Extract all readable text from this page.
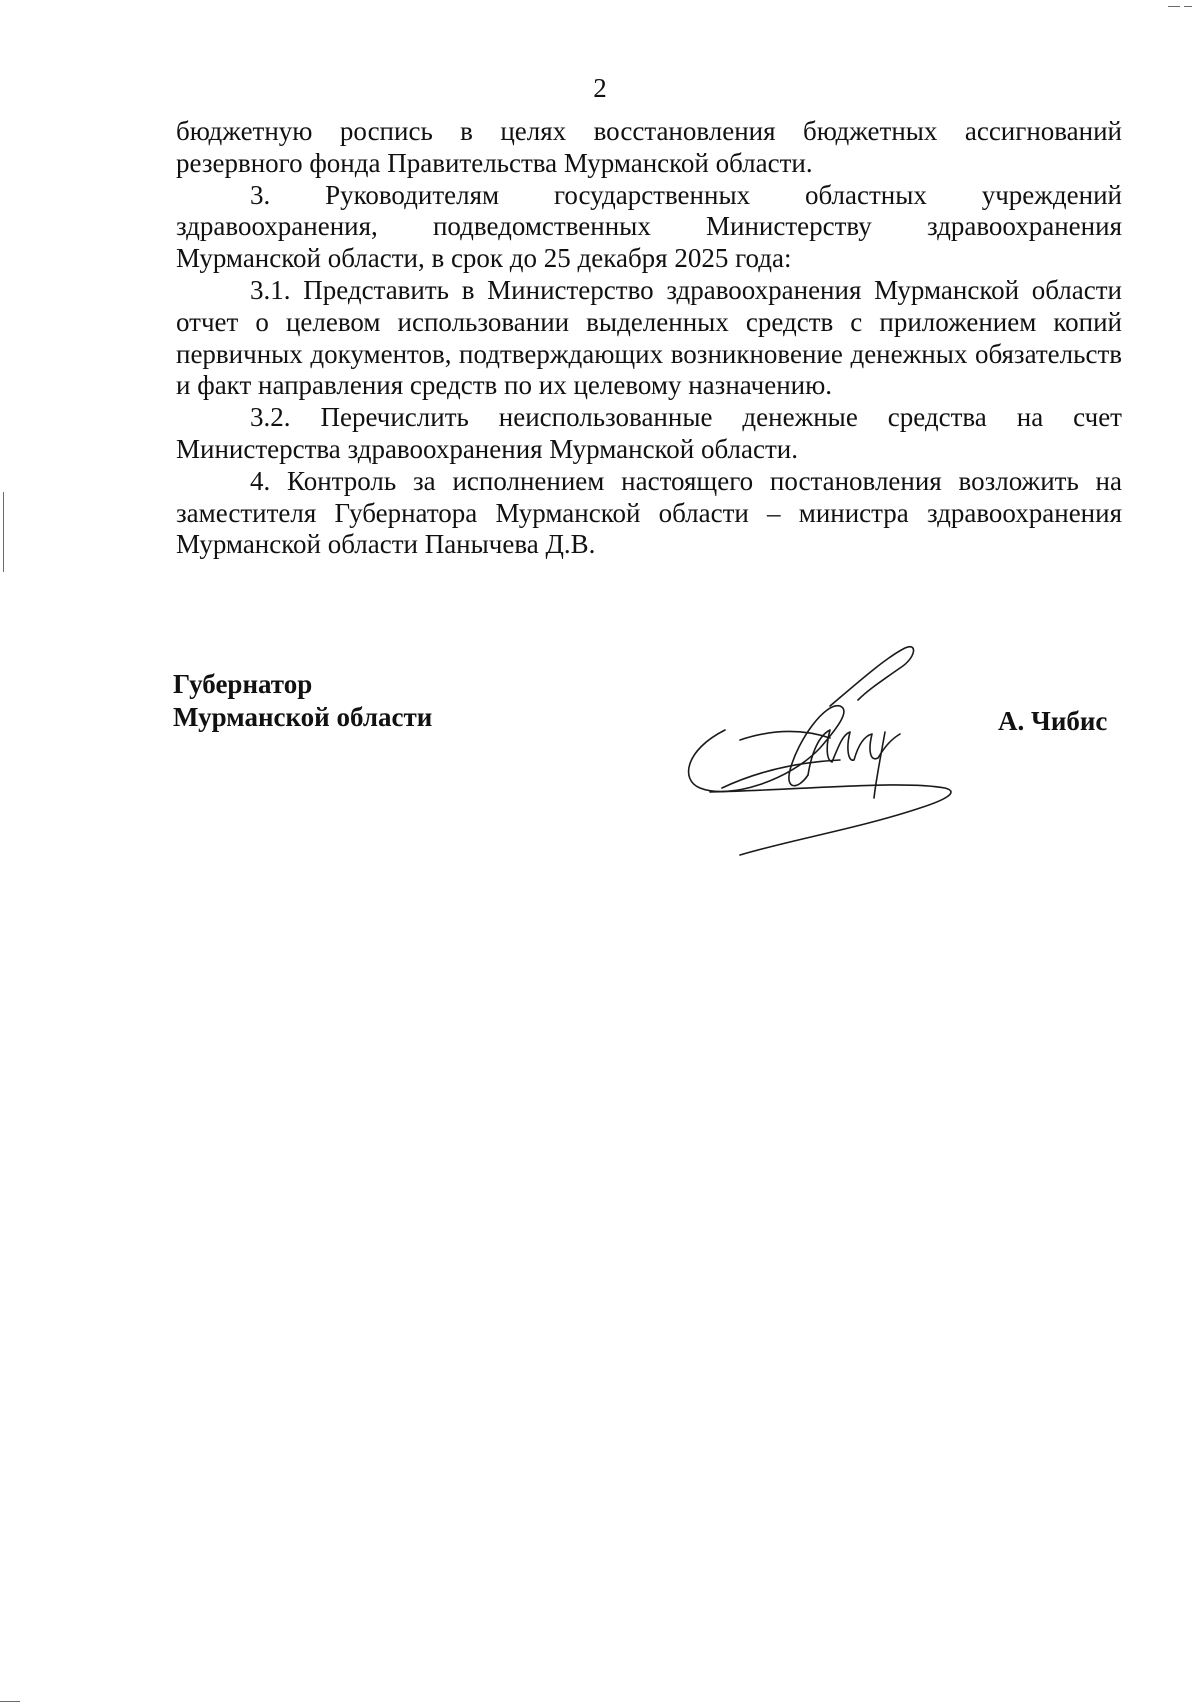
2

бюджетную роспись в целях восстановления бюджетных ассигнований резервного фонда Правительства Мурманской области.

3. Руководителям государственных областных учреждений здравоохранения, подведомственных Министерству здравоохранения Мурманской области, в срок до 25 декабря 2025 года:

3.1. Представить в Министерство здравоохранения Мурманской области отчет о целевом использовании выделенных средств с приложением копий первичных документов, подтверждающих возникновение денежных обязательств и факт направления средств по их целевому назначению.

3.2. Перечислить неиспользованные денежные средства на счет Министерства здравоохранения Мурманской области.

4. Контроль за исполнением настоящего постановления возложить на заместителя Губернатора Мурманской области – министра здравоохранения Мурманской области Панычева Д.В.

Губернатор
Мурманской области	А. Чибис
